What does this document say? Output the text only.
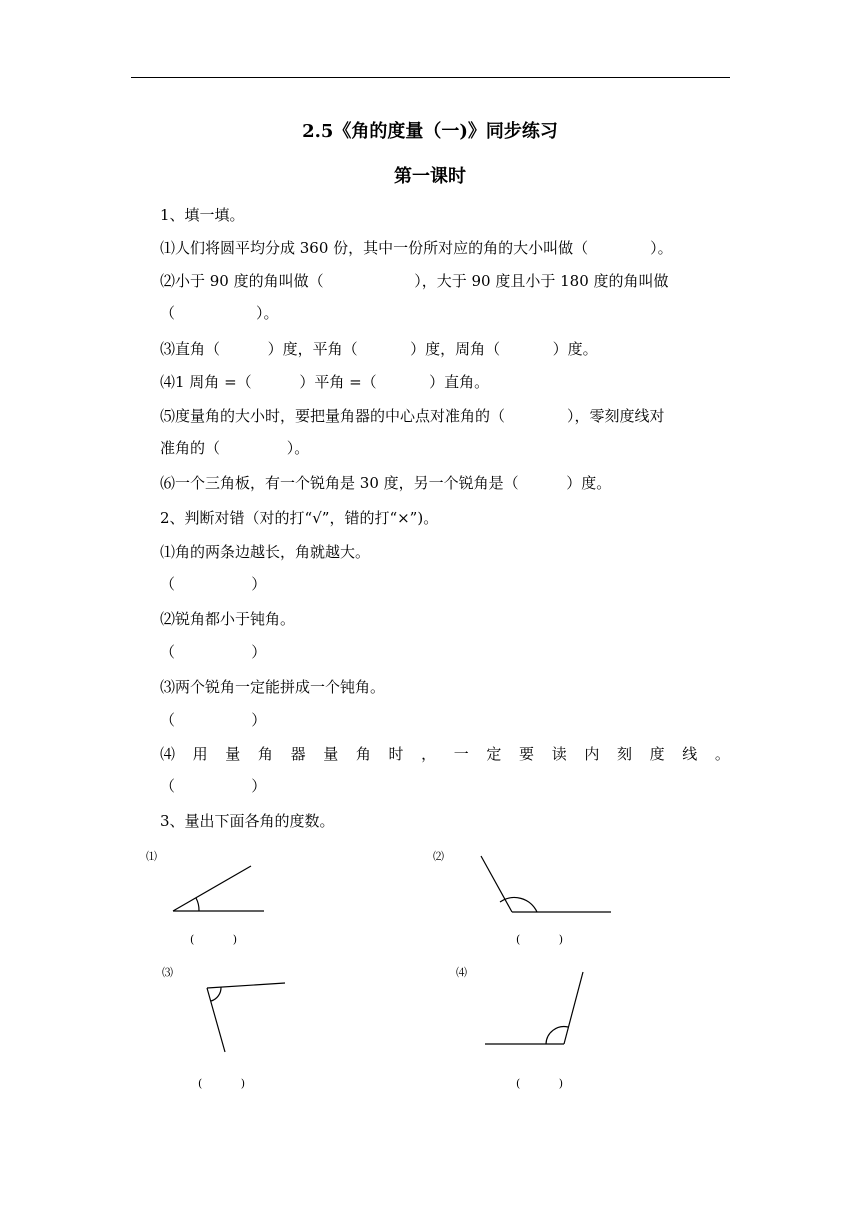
2.5《角的度量（一)》同步练习
第一课时
1、填一填。
⑴人们将圆平均分成 360 份，其中一份所对应的角的大小叫做（             ）。
⑵小于 90 度的角叫做（                   ），大于 90 度且小于 180 度的角叫做
（                 ）。
⑶直角（          ）度，平角（           ）度，周角（           ）度。
⑷1 周角 =（          ）平角 =（           ）直角。
⑸度量角的大小时，要把量角器的中心点对准角的（             ），零刻度线对
准角的（              ）。
⑹一个三角板，有一个锐角是 30 度，另一个锐角是（          ）度。
2、判断对错（对的打“√”，错的打“×”)。
⑴角的两条边越长，角就越大。
（                ）
⑵锐角都小于钝角。
（                ）
⑶两个锐角一定能拼成一个钝角。
（                ）
⑷ 用 量 角 器 量 角 时 ， 一 定 要 读 内 刻 度 线 。
（                ）
3、量出下面各角的度数。
⑴	⑵
⑶	⑷
(           )	(           )
(           )	(           )
